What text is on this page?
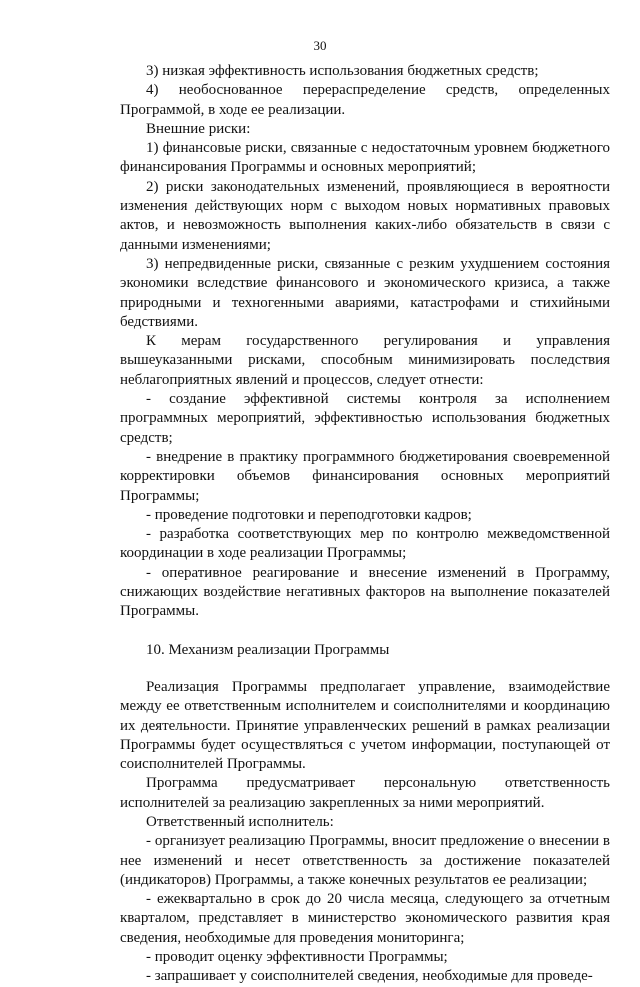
30

3) низкая эффективность использования бюджетных средств;

4) необоснованное перераспределение средств, определенных Программой, в ходе ее реализации.

Внешние риски:

1) финансовые риски, связанные с недостаточным уровнем бюджетного финансирования Программы и основных мероприятий;

2) риски законодательных изменений, проявляющиеся в вероятности изменения действующих норм с выходом новых нормативных правовых актов, и невозможность выполнения каких-либо обязательств в связи с данными изменениями;

3) непредвиденные риски, связанные с резким ухудшением состояния экономики вследствие финансового и экономического кризиса, а также природными и техногенными авариями, катастрофами и стихийными бедствиями.

К мерам государственного регулирования и управления вышеуказанными рисками, способным минимизировать последствия неблагоприятных явлений и процессов, следует отнести:

- создание эффективной системы контроля за исполнением программных мероприятий, эффективностью использования бюджетных средств;

- внедрение в практику программного бюджетирования своевременной корректировки объемов финансирования основных мероприятий Программы;

- проведение подготовки и переподготовки кадров;

- разработка соответствующих мер по контролю межведомственной координации в ходе реализации Программы;

- оперативное реагирование и внесение изменений в Программу, снижающих воздействие негативных факторов на выполнение показателей Программы.

10. Механизм реализации Программы

Реализация Программы предполагает управление, взаимодействие между ее ответственным исполнителем и соисполнителями и координацию их деятельности. Принятие управленческих решений в рамках реализации Программы будет осуществляться с учетом информации, поступающей от соисполнителей Программы.

Программа предусматривает персональную ответственность исполнителей за реализацию закрепленных за ними мероприятий.

Ответственный исполнитель:

- организует реализацию Программы, вносит предложение о внесении в нее изменений и несет ответственность за достижение показателей (индикаторов) Программы, а также конечных результатов ее реализации;

- ежеквартально в срок до 20 числа месяца, следующего за отчетным кварталом, представляет в министерство экономического развития края сведения, необходимые для проведения мониторинга;

- проводит оценку эффективности Программы;

- запрашивает у соисполнителей сведения, необходимые для проведе-
